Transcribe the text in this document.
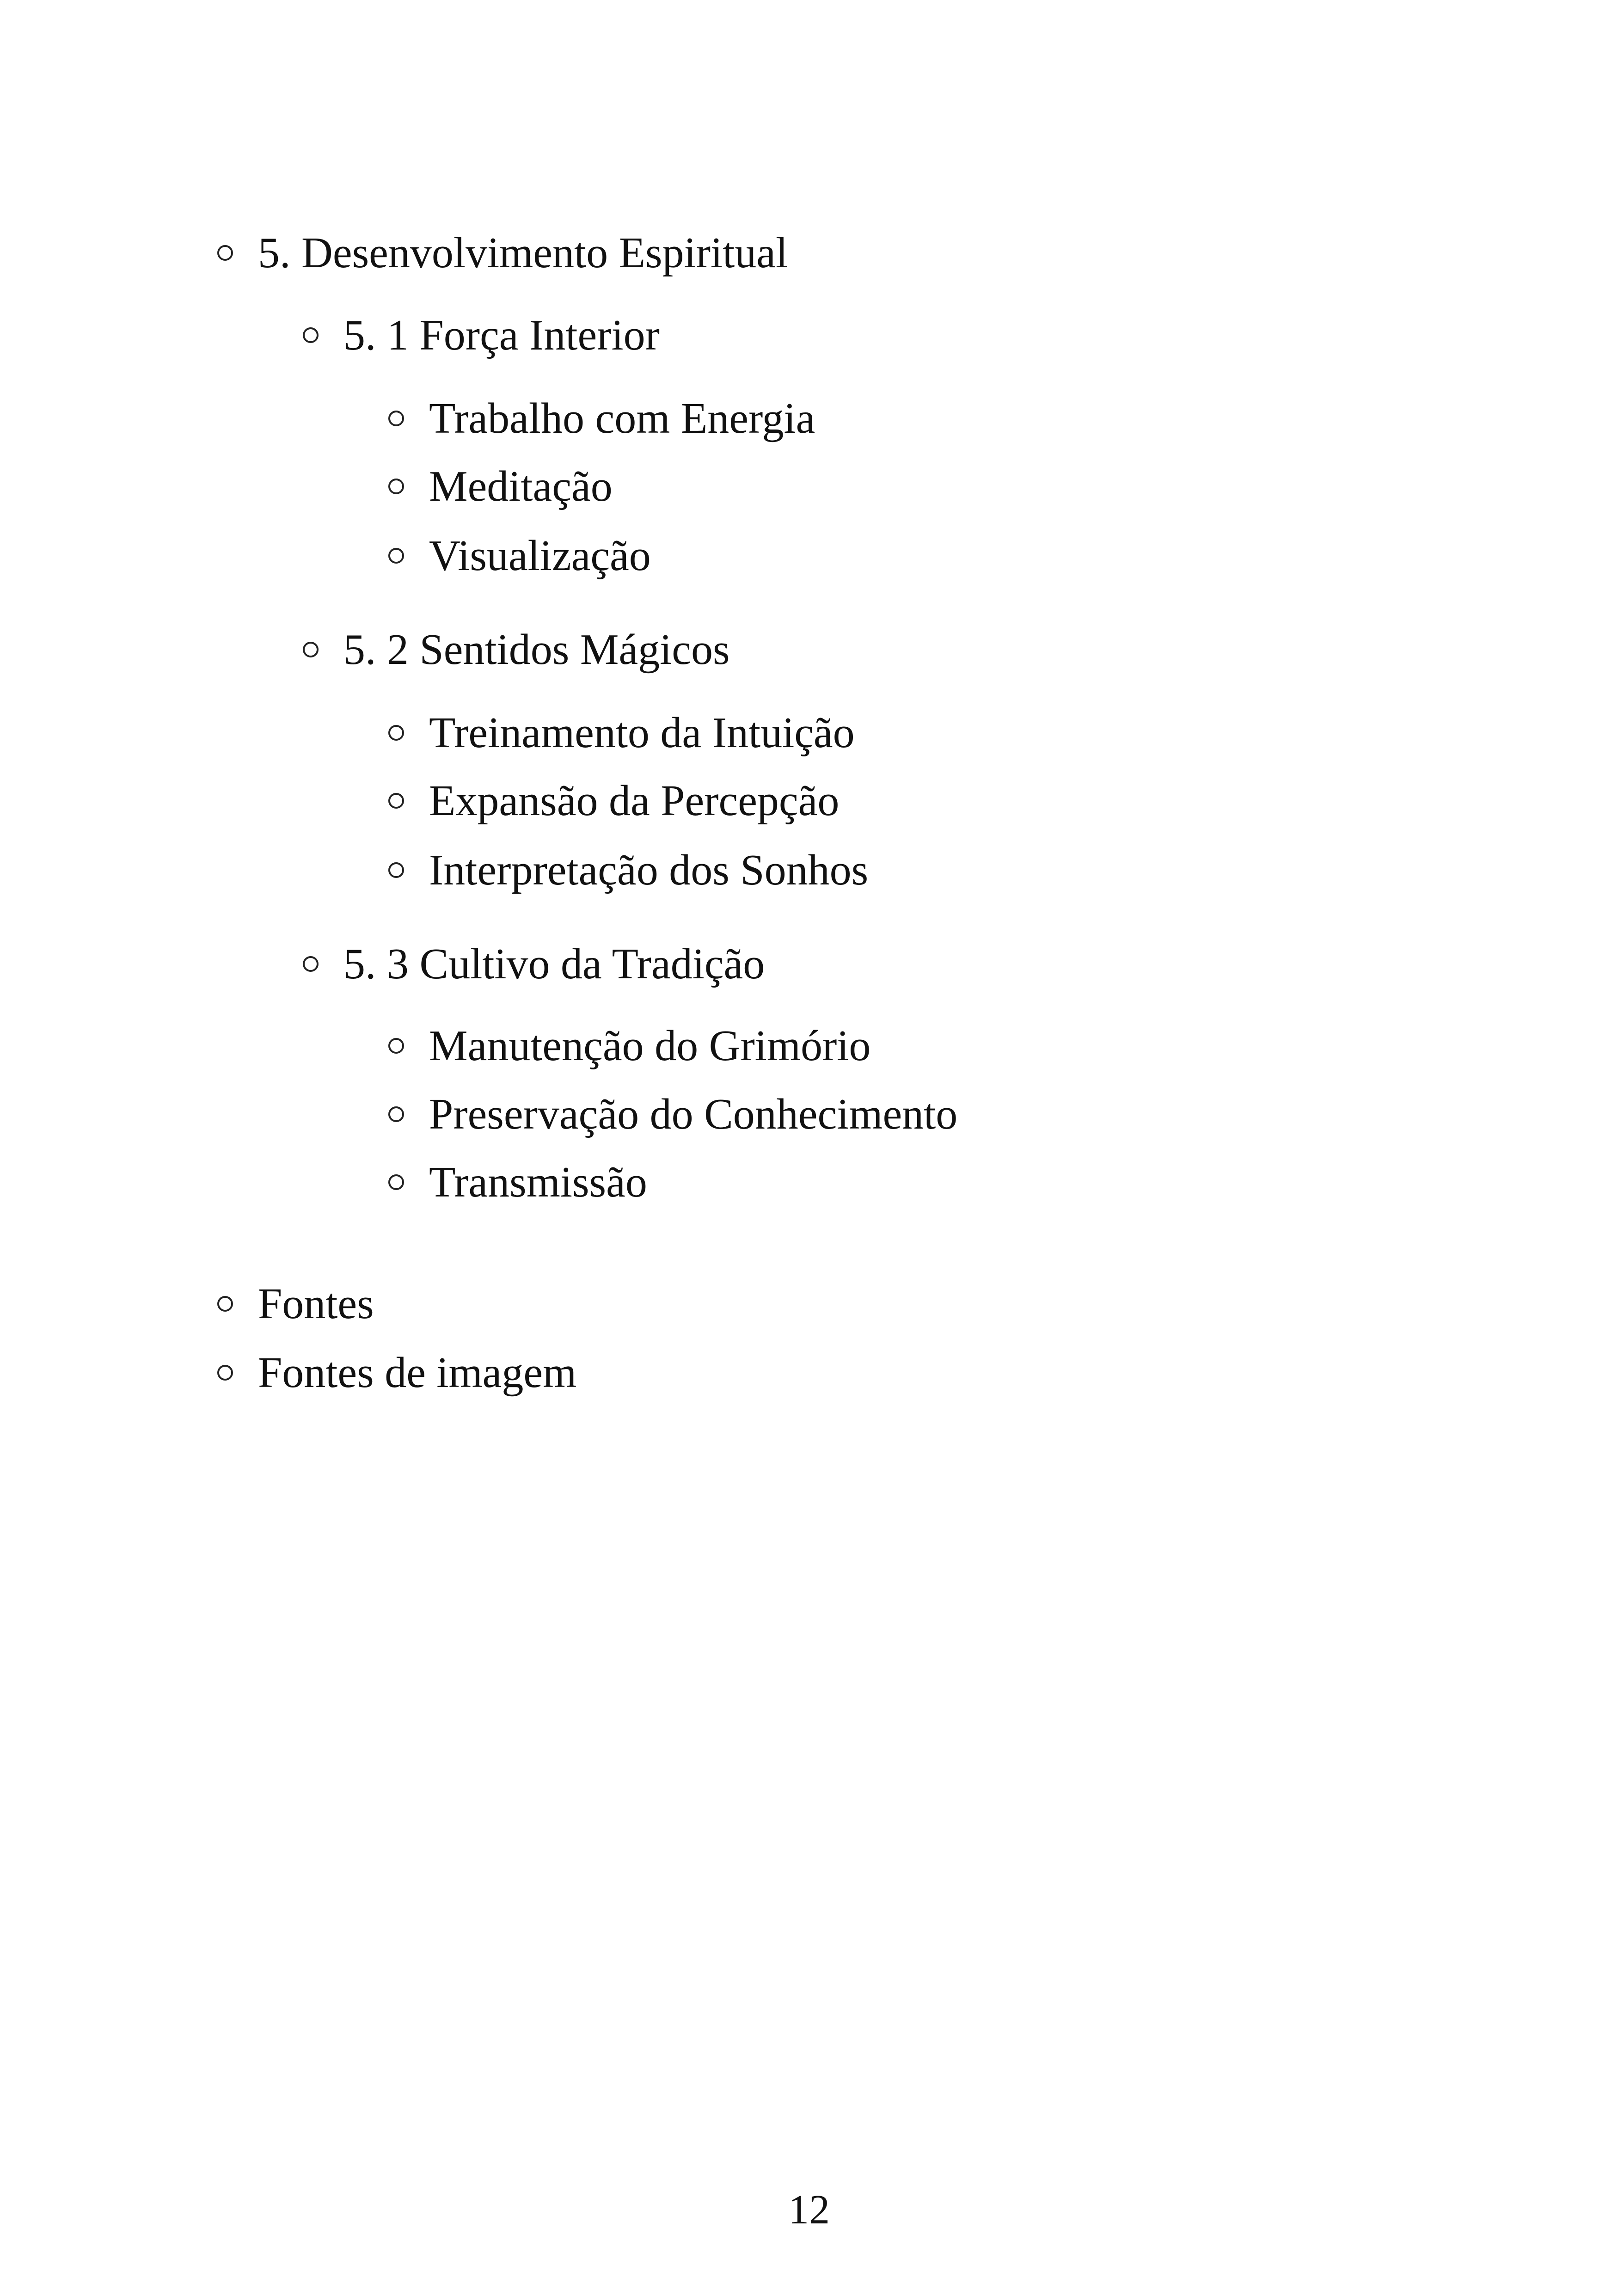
5. Desenvolvimento Espiritual
5. 1 Força Interior
Trabalho com Energia
Meditação
Visualização
5. 2 Sentidos Mágicos
Treinamento da Intuição
Expansão da Percepção
Interpretação dos Sonhos
5. 3 Cultivo da Tradição
Manutenção do Grimório
Preservação do Conhecimento
Transmissão
Fontes
Fontes de imagem
12
